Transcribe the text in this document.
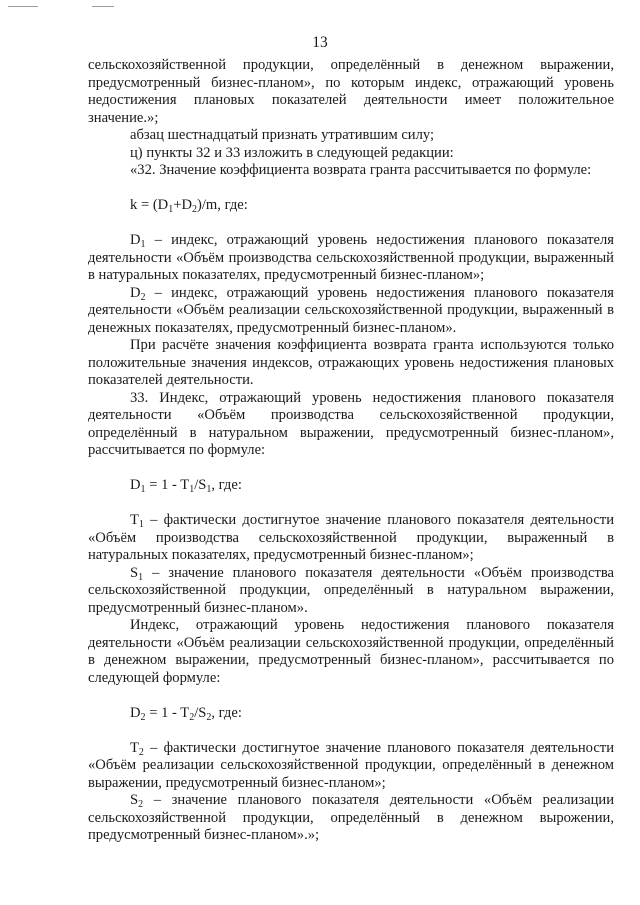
13

сельскохозяйственной продукции, определённый в денежном выражении, предусмотренный бизнес-планом», по которым индекс, отражающий уровень недостижения плановых показателей деятельности имеет положительное значение.»;

абзац шестнадцатый признать утратившим силу;

ц) пункты 32 и 33 изложить в следующей редакции:

«32. Значение коэффициента возврата гранта рассчитывается по формуле:

$k = (D_1+D_2)/m$, где:

$D_1$ – индекс, отражающий уровень недостижения планового показателя деятельности «Объём производства сельскохозяйственной продукции, выраженный в натуральных показателях, предусмотренный бизнес-планом»;

$D_2$ – индекс, отражающий уровень недостижения планового показателя деятельности «Объём реализации сельскохозяйственной продукции, выраженный в денежных показателях, предусмотренный бизнес-планом».

При расчёте значения коэффициента возврата гранта используются только положительные значения индексов, отражающих уровень недостижения плановых показателей деятельности.

33. Индекс, отражающий уровень недостижения планового показателя деятельности «Объём производства сельскохозяйственной продукции, определённый в натуральном выражении, предусмотренный бизнес-планом», рассчитывается по формуле:

$D_1 = 1 - T_1/S_1$, где:

$T_1$ – фактически достигнутое значение планового показателя деятельности «Объём производства сельскохозяйственной продукции, выраженный в натуральных показателях, предусмотренный бизнес-планом»;

$S_1$ – значение планового показателя деятельности «Объём производства сельскохозяйственной продукции, определённый в натуральном выражении, предусмотренный бизнес-планом».

Индекс, отражающий уровень недостижения планового показателя деятельности «Объём реализации сельскохозяйственной продукции, определённый в денежном выражении, предусмотренный бизнес-планом», рассчитывается по следующей формуле:

$D_2 = 1 - T_2/S_2$, где:

$T_2$ – фактически достигнутое значение планового показателя деятельности «Объём реализации сельскохозяйственной продукции, определённый в денежном выражении, предусмотренный бизнес-планом»;

$S_2$ – значение планового показателя деятельности «Объём реализации сельскохозяйственной продукции, определённый в денежном вырожении, предусмотренный бизнес-планом».»;
